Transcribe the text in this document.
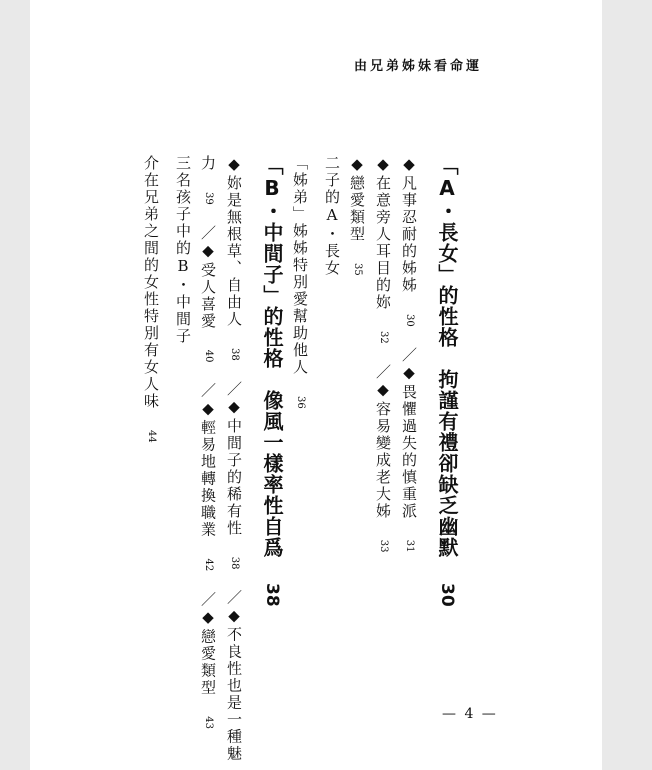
由兄弟姊妹看命運
「A・長女」的性格　拘謹有禮卻缺乏幽默 30
◆凡事忍耐的姊姊 30 ／◆畏懼過失的慎重派 31
◆在意旁人耳目的妳 32 ／◆容易變成老大姊 33
◆戀愛類型 35
二子的A・長女
「姊弟」姊姊特別愛幫助他人 36
「B・中間子」的性格　像風一樣率性自爲 38
◆妳是無根草、自由人 38 ／◆中間子的稀有性 38 ／◆不良性也是一種魅
力 39 ／◆受人喜愛 40 ／◆輕易地轉換職業 42 ／◆戀愛類型 43
三名孩子中的B・中間子
介在兄弟之間的女性特別有女人味 44
— 4 —
